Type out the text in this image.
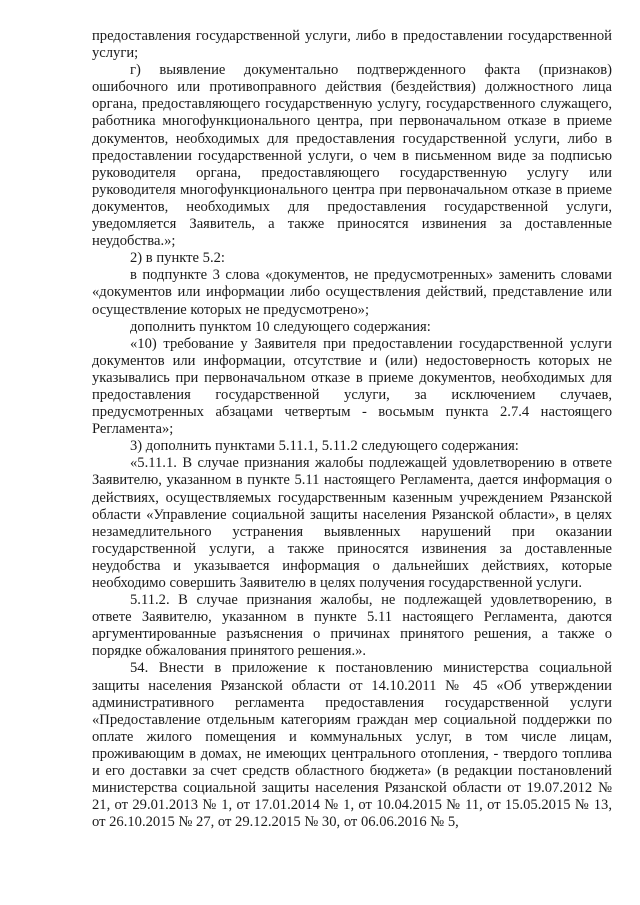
предоставления государственной услуги, либо в предоставлении государственной услуги;

г) выявление документально подтвержденного факта (признаков) ошибочного или противоправного действия (бездействия) должностного лица органа, предоставляющего государственную услугу, государственного служащего, работника многофункционального центра, при первоначальном отказе в приеме документов, необходимых для предоставления государственной услуги, либо в предоставлении государственной услуги, о чем в письменном виде за подписью руководителя органа, предоставляющего государственную услугу или руководителя многофункционального центра при первоначальном отказе в приеме документов, необходимых для предоставления государственной услуги, уведомляется Заявитель, а также приносятся извинения за доставленные неудобства.»;

2) в пункте 5.2:

в подпункте 3 слова «документов, не предусмотренных» заменить словами «документов или информации либо осуществления действий, представление или осуществление которых не предусмотрено»;

дополнить пунктом 10 следующего содержания:

«10) требование у Заявителя при предоставлении государственной услуги документов или информации, отсутствие и (или) недостоверность которых не указывались при первоначальном отказе в приеме документов, необходимых для предоставления государственной услуги, за исключением случаев, предусмотренных абзацами четвертым - восьмым пункта 2.7.4 настоящего Регламента»;

3) дополнить пунктами 5.11.1, 5.11.2 следующего содержания:

«5.11.1. В случае признания жалобы подлежащей удовлетворению в ответе Заявителю, указанном в пункте 5.11 настоящего Регламента, дается информация о действиях, осуществляемых государственным казенным учреждением Рязанской области «Управление социальной защиты населения Рязанской области», в целях незамедлительного устранения выявленных нарушений при оказании государственной услуги, а также приносятся извинения за доставленные неудобства и указывается информация о дальнейших действиях, которые необходимо совершить Заявителю в целях получения государственной услуги.

5.11.2. В случае признания жалобы, не подлежащей удовлетворению, в ответе Заявителю, указанном в пункте 5.11 настоящего Регламента, даются аргументированные разъяснения о причинах принятого решения, а также о порядке обжалования принятого решения.».

54. Внести в приложение к постановлению министерства социальной защиты населения Рязанской области от 14.10.2011 № 45 «Об утверждении административного регламента предоставления государственной услуги «Предоставление отдельным категориям граждан мер социальной поддержки по оплате жилого помещения и коммунальных услуг, в том числе лицам, проживающим в домах, не имеющих центрального отопления, - твердого топлива и его доставки за счет средств областного бюджета» (в редакции постановлений министерства социальной защиты населения Рязанской области от 19.07.2012 № 21, от 29.01.2013 № 1, от 17.01.2014 № 1, от 10.04.2015 № 11, от 15.05.2015 № 13, от 26.10.2015 № 27, от 29.12.2015 № 30, от 06.06.2016 № 5,
